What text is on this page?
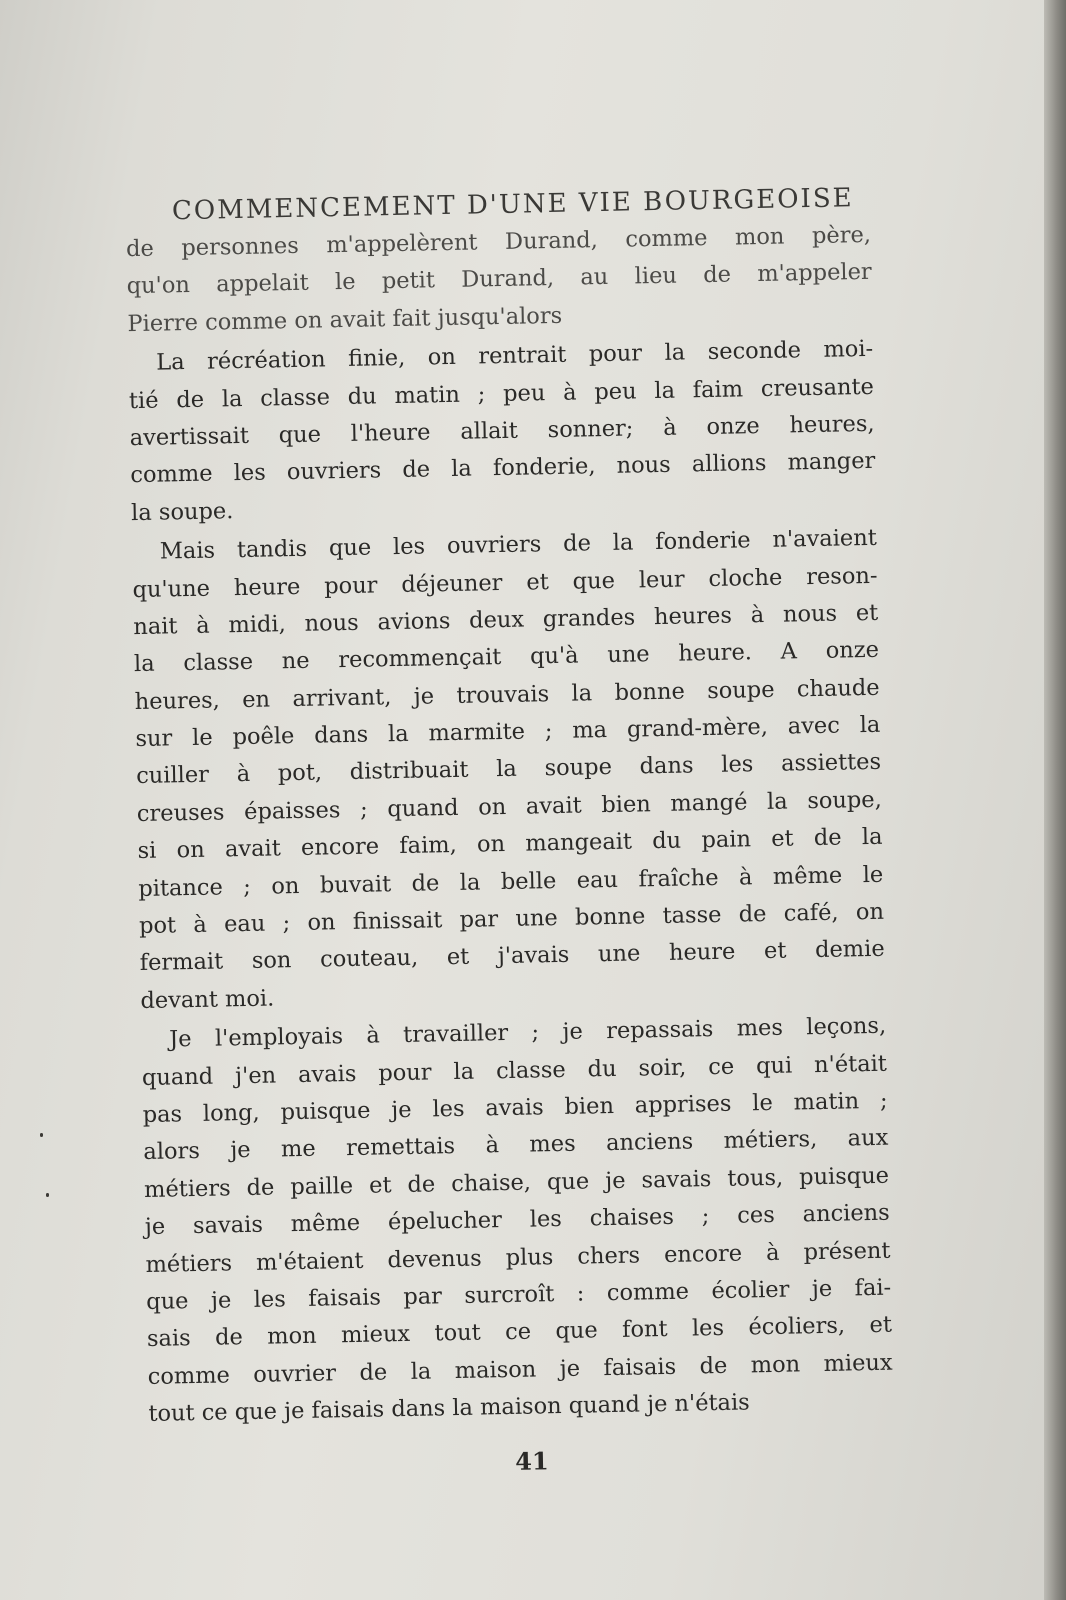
COMMENCEMENT D'UNE VIE BOURGEOISE
de personnes m'appelèrent Durand, comme mon père,
qu'on appelait le petit Durand, au lieu de m'appeler
Pierre comme on avait fait jusqu'alors
La récréation finie, on rentrait pour la seconde moi-
tié de la classe du matin ; peu à peu la faim creusante
avertissait que l'heure allait sonner; à onze heures,
comme les ouvriers de la fonderie, nous allions manger
la soupe.
Mais tandis que les ouvriers de la fonderie n'avaient
qu'une heure pour déjeuner et que leur cloche reson-
nait à midi, nous avions deux grandes heures à nous et
la classe ne recommençait qu'à une heure. A onze
heures, en arrivant, je trouvais la bonne soupe chaude
sur le poêle dans la marmite ; ma grand-mère, avec la
cuiller à pot, distribuait la soupe dans les assiettes
creuses épaisses ; quand on avait bien mangé la soupe,
si on avait encore faim, on mangeait du pain et de la
pitance ; on buvait de la belle eau fraîche à même le
pot à eau ; on finissait par une bonne tasse de café, on
fermait son couteau, et j'avais une heure et demie
devant moi.
Je l'employais à travailler ; je repassais mes leçons,
quand j'en avais pour la classe du soir, ce qui n'était
pas long, puisque je les avais bien apprises le matin ;
alors je me remettais à mes anciens métiers, aux
métiers de paille et de chaise, que je savais tous, puisque
je savais même épelucher les chaises ; ces anciens
métiers m'étaient devenus plus chers encore à présent
que je les faisais par surcroît : comme écolier je fai-
sais de mon mieux tout ce que font les écoliers, et
comme ouvrier de la maison je faisais de mon mieux
tout ce que je faisais dans la maison quand je n'étais
41
